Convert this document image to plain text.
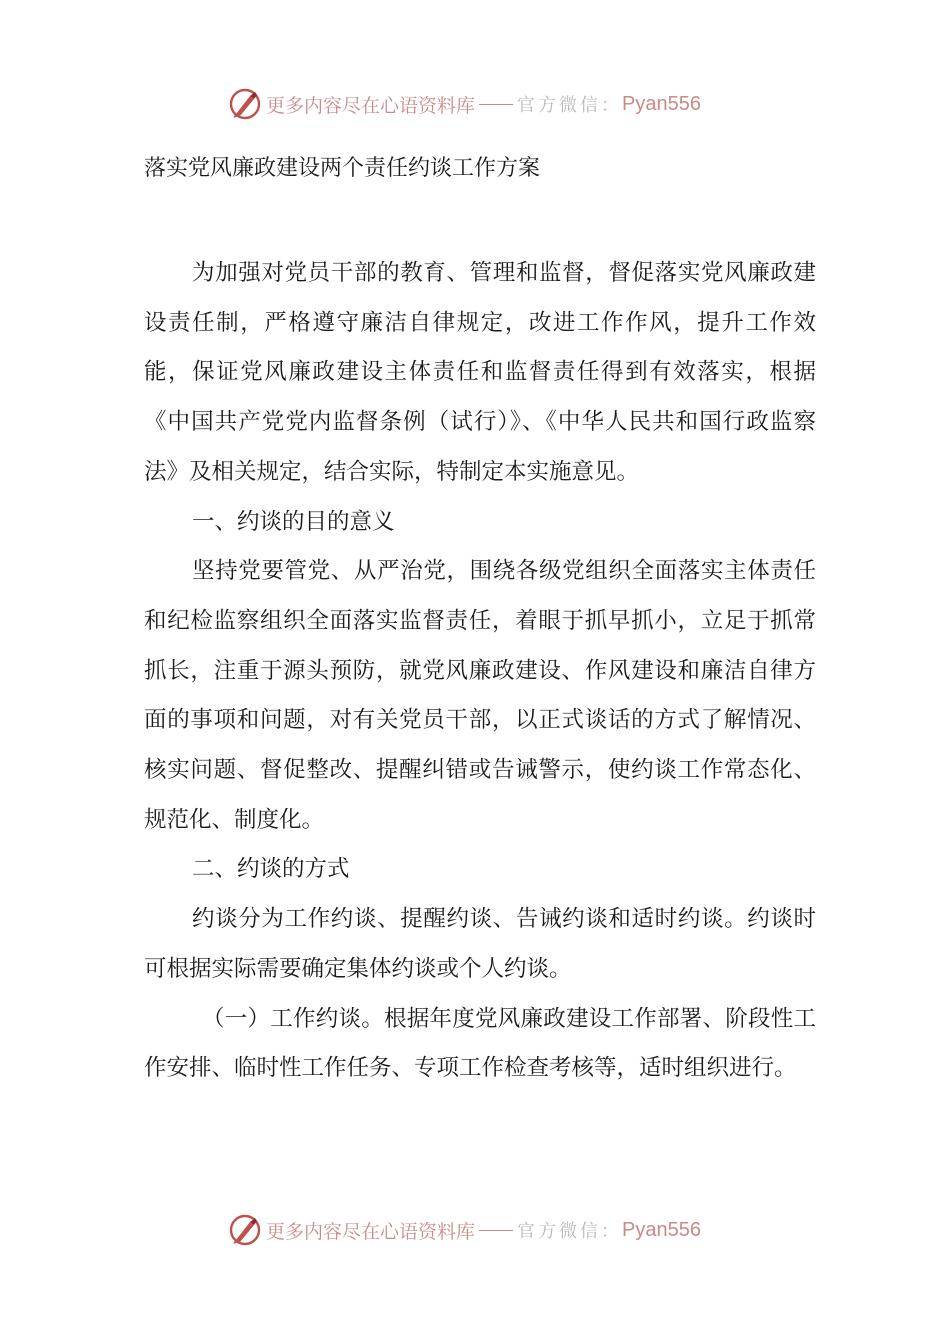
更多内容尽在心语资料库 官方微信： Pyan556
落实党风廉政建设两个责任约谈工作方案

为加强对党员干部的教育、管理和监督，督促落实党风廉政建设责任制，严格遵守廉洁自律规定，改进工作作风，提升工作效能，保证党风廉政建设主体责任和监督责任得到有效落实，根据《中国共产党党内监督条例（试行）》、《中华人民共和国行政监察法》及相关规定，结合实际，特制定本实施意见。

一、约谈的目的意义

坚持党要管党、从严治党，围绕各级党组织全面落实主体责任和纪检监察组织全面落实监督责任，着眼于抓早抓小，立足于抓常抓长，注重于源头预防，就党风廉政建设、作风建设和廉洁自律方面的事项和问题，对有关党员干部，以正式谈话的方式了解情况、核实问题、督促整改、提醒纠错或告诫警示，使约谈工作常态化、规范化、制度化。

二、约谈的方式

约谈分为工作约谈、提醒约谈、告诫约谈和适时约谈。约谈时可根据实际需要确定集体约谈或个人约谈。

（一）工作约谈。根据年度党风廉政建设工作部署、阶段性工作安排、临时性工作任务、专项工作检查考核等，适时组织进行。

更多内容尽在心语资料库 官方微信： Pyan556
